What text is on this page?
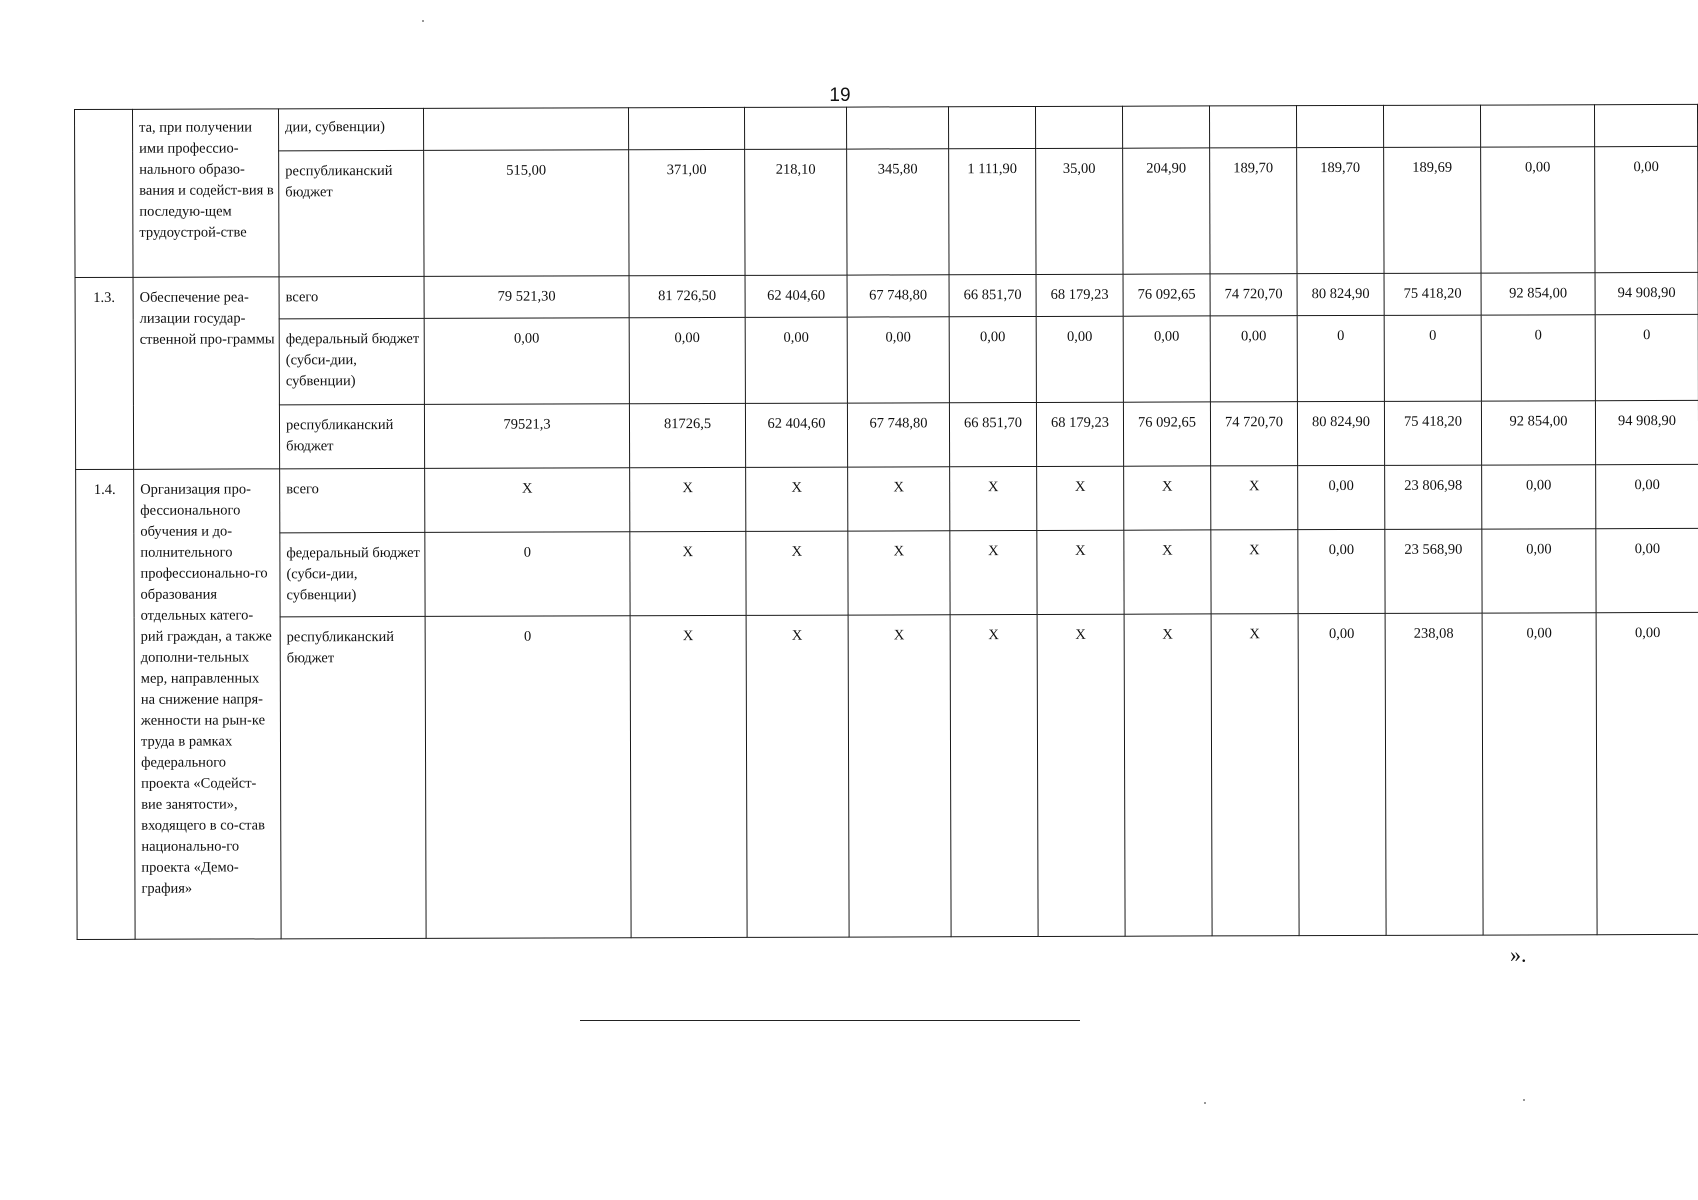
19
	та, при получении ими профессио-нального образо-вания и содейст-вия в последую-щем трудоустрой-стве	дии, субвенции)												
		республиканский бюджет	515,00	371,00	218,10	345,80	1 111,90	35,00	204,90	189,70	189,70	189,69	0,00	0,00
1.3.	Обеспечение реа-лизации государ-ственной про-граммы	всего	79 521,30	81 726,50	62 404,60	67 748,80	66 851,70	68 179,23	76 092,65	74 720,70	80 824,90	75 418,20	92 854,00	94 908,90
		федеральный бюджет (субси-дии, субвенции)	0,00	0,00	0,00	0,00	0,00	0,00	0,00	0,00	0	0	0	0
		республиканский бюджет	79521,3	81726,5	62 404,60	67 748,80	66 851,70	68 179,23	76 092,65	74 720,70	80 824,90	75 418,20	92 854,00	94 908,90
1.4.	Организация про-фессионального обучения и до-полнительного профессионально-го образования отдельных катего-рий граждан, а также дополни-тельных мер, направленных на снижение напря-женности на рын-ке труда в рамках федерального проекта «Содейст-вие занятости», входящего в со-став национально-го проекта «Демо-графия»	всего	X	X	X	X	X	X	X	X	0,00	23 806,98	0,00	0,00
		федеральный бюджет (субси-дии, субвенции)	0	X	X	X	X	X	X	X	0,00	23 568,90	0,00	0,00
		республиканский бюджет	0	X	X	X	X	X	X	X	0,00	238,08	0,00	0,00
».
